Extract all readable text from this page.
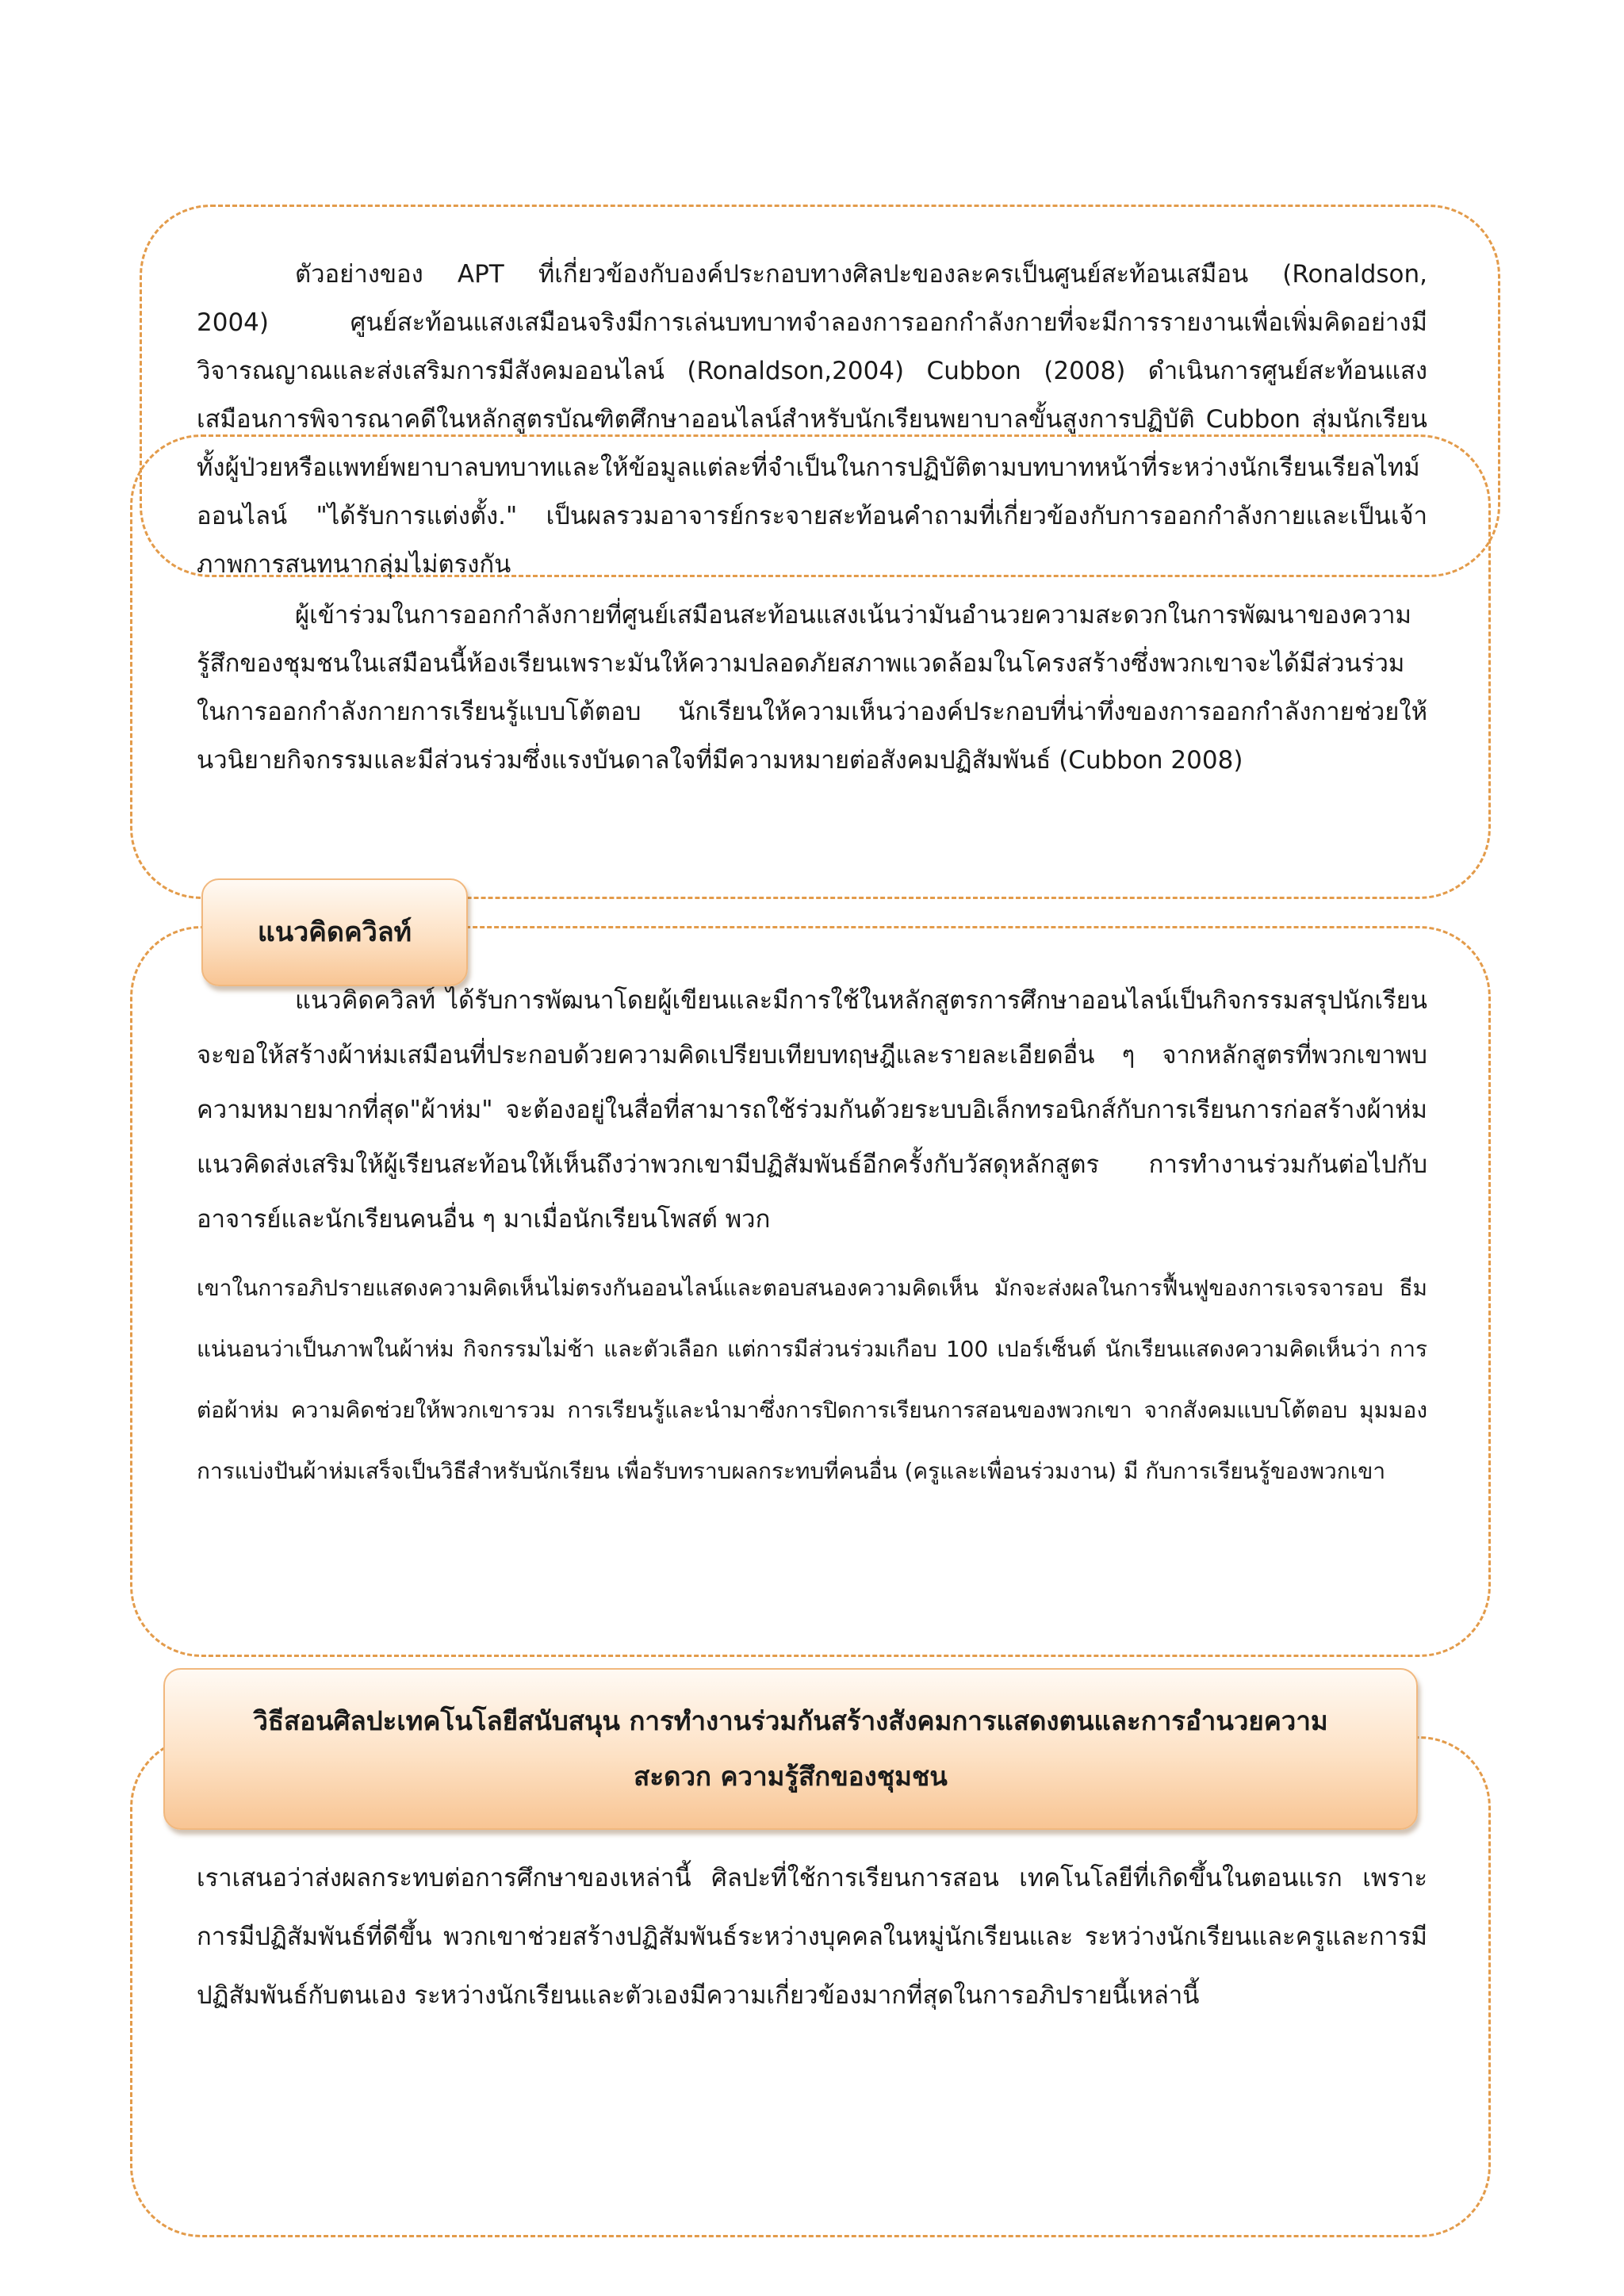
ตัวอย่างของ APT ที่เกี่ยวข้องกับองค์ประกอบทางศิลปะของละครเป็นศูนย์สะท้อนเสมือน (Ronaldson, 2004) ศูนย์สะท้อนแสงเสมือนจริงมีการเล่นบทบาทจำลองการออกกำลังกายที่จะมีการรายงานเพื่อเพิ่มคิดอย่างมีวิจารณญาณและส่งเสริมการมีสังคมออนไลน์ (Ronaldson,2004) Cubbon (2008) ดำเนินการศูนย์สะท้อนแสงเสมือนการพิจารณาคดีในหลักสูตรบัณฑิตศึกษาออนไลน์สำหรับนักเรียนพยาบาลขั้นสูงการปฏิบัติ Cubbon สุ่มนักเรียนทั้งผู้ป่วยหรือแพทย์พยาบาลบทบาทและให้ข้อมูลแต่ละที่จำเป็นในการปฏิบัติตามบทบาทหน้าที่ระหว่างนักเรียนเรียลไทม์ออนไลน์ "ได้รับการแต่งตั้ง." เป็นผลรวมอาจารย์กระจายสะท้อนคำถามที่เกี่ยวข้องกับการออกกำลังกายและเป็นเจ้าภาพการสนทนากลุ่มไม่ตรงกัน

ผู้เข้าร่วมในการออกกำลังกายที่ศูนย์เสมือนสะท้อนแสงเน้นว่ามันอำนวยความสะดวกในการพัฒนาของความรู้สึกของชุมชนในเสมือนนี้ห้องเรียนเพราะมันให้ความปลอดภัยสภาพแวดล้อมในโครงสร้างซึ่งพวกเขาจะได้มีส่วนร่วมในการออกกำลังกายการเรียนรู้แบบโต้ตอบ นักเรียนให้ความเห็นว่าองค์ประกอบที่น่าทึ่งของการออกกำลังกายช่วยให้นวนิยายกิจกรรมและมีส่วนร่วมซึ่งแรงบันดาลใจที่มีความหมายต่อสังคมปฏิสัมพันธ์ (Cubbon 2008)

แนวคิดควิลท์

แนวคิดควิลท์ ได้รับการพัฒนาโดยผู้เขียนและมีการใช้ในหลักสูตรการศึกษาออนไลน์เป็นกิจกรรมสรุปนักเรียนจะขอให้สร้างผ้าห่มเสมือนที่ประกอบด้วยความคิดเปรียบเทียบทฤษฎีและรายละเอียดอื่น ๆ จากหลักสูตรที่พวกเขาพบความหมายมากที่สุด"ผ้าห่ม" จะต้องอยู่ในสื่อที่สามารถใช้ร่วมกันด้วยระบบอิเล็กทรอนิกส์กับการเรียนการก่อสร้างผ้าห่มแนวคิดส่งเสริมให้ผู้เรียนสะท้อนให้เห็นถึงว่าพวกเขามีปฏิสัมพันธ์อีกครั้งกับวัสดุหลักสูตร การทำงานร่วมกันต่อไปกับอาจารย์และนักเรียนคนอื่น ๆ มาเมื่อนักเรียนโพสต์ พวก

เขาในการอภิปรายแสดงความคิดเห็นไม่ตรงกันออนไลน์และตอบสนองความคิดเห็น มักจะส่งผลในการฟื้นฟูของการเจรจารอบ ธีมแน่นอนว่าเป็นภาพในผ้าห่ม กิจกรรมไม่ช้า และตัวเลือก แต่การมีส่วนร่วมเกือบ 100 เปอร์เซ็นต์ นักเรียนแสดงความคิดเห็นว่า การต่อผ้าห่ม ความคิดช่วยให้พวกเขารวม การเรียนรู้และนำมาซึ่งการปิดการเรียนการสอนของพวกเขา จากสังคมแบบโต้ตอบ มุมมองการแบ่งปันผ้าห่มเสร็จเป็นวิธีสำหรับนักเรียน เพื่อรับทราบผลกระทบที่คนอื่น (ครูและเพื่อนร่วมงาน) มี กับการเรียนรู้ของพวกเขา

วิธีสอนศิลปะเทคโนโลยีสนับสนุน การทำงานร่วมกันสร้างสังคมการแสดงตนและการอำนวยความ
สะดวก ความรู้สึกของชุมชน

เราเสนอว่าส่งผลกระทบต่อการศึกษาของเหล่านี้ ศิลปะที่ใช้การเรียนการสอน เทคโนโลยีที่เกิดขึ้นในตอนแรก เพราะการมีปฏิสัมพันธ์ที่ดีขึ้น พวกเขาช่วยสร้างปฏิสัมพันธ์ระหว่างบุคคลในหมู่นักเรียนและ ระหว่างนักเรียนและครูและการมีปฏิสัมพันธ์กับตนเอง ระหว่างนักเรียนและตัวเองมีความเกี่ยวข้องมากที่สุดในการอภิปรายนี้เหล่านี้
